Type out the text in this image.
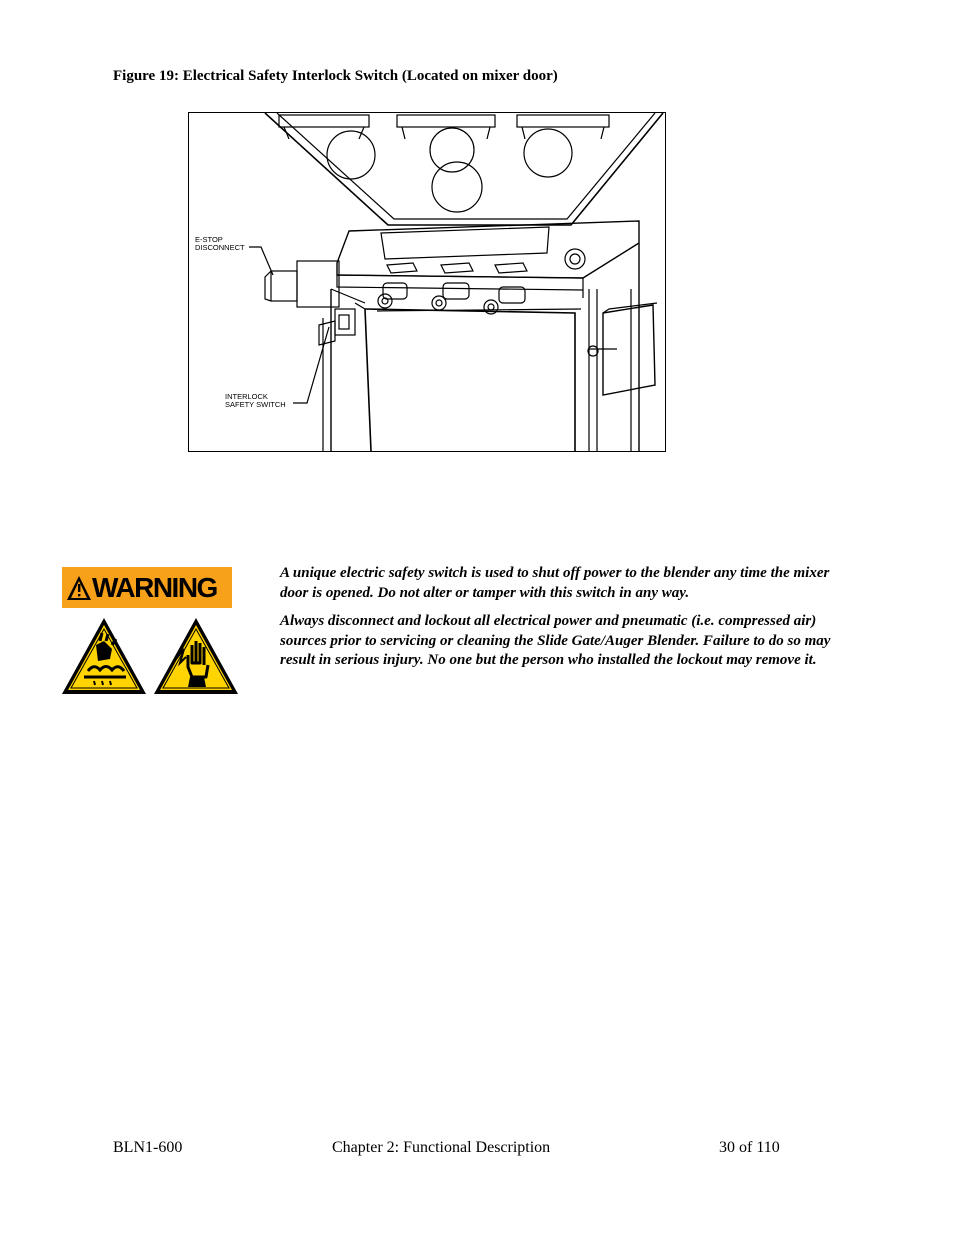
Figure 19: Electrical Safety Interlock Switch (Located on mixer door)
E-STOP
DISCONNECT
INTERLOCK
SAFETY SWITCH
WARNING	A unique electric safety switch is used to shut off power to the blender any time the mixer door is opened. Do not alter or tamper with this switch in any way.

Always disconnect and lockout all electrical power and pneumatic (i.e. compressed air) sources prior to servicing or cleaning the Slide Gate/Auger Blender. Failure to do so may result in serious injury. No one but the person who installed the lockout may remove it.

BLN1-600	Chapter 2: Functional Description	30 of 110
